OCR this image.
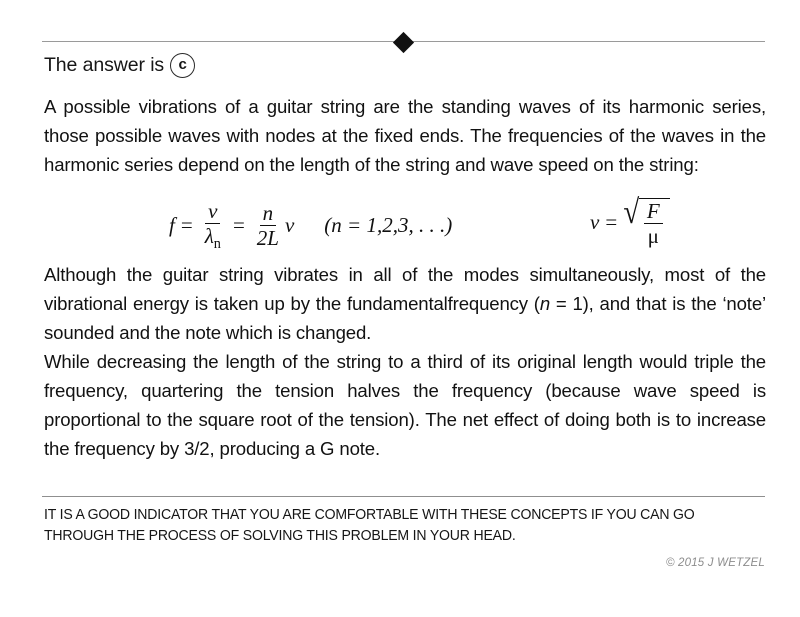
The answer is c
A possible vibrations of a guitar string are the standing waves of its harmonic series, those possible waves with nodes at the fixed ends. The frequencies of the waves in the harmonic series depend on the length of the string and wave speed on the string:
$f = \frac{v}{\lambda_n} = \frac{n}{2L}$ v (n = 1,2,3, . . .)	v = √ $\frac{F}{\mu}$
Although the guitar string vibrates in all of the modes simultaneously, most of the vibrational energy is taken up by the fundamentalfrequency (n = 1), and that is the ‘note’ sounded and the note which is changed.
While decreasing the length of the string to a third of its original length would triple the frequency, quartering the tension halves the frequency (because wave speed is proportional to the square root of the tension). The net effect of doing both is to increase the frequency by 3/2, producing a G note.
IT IS A GOOD INDICATOR THAT YOU ARE COMFORTABLE WITH THESE CONCEPTS IF YOU CAN GO THROUGH THE PROCESS OF SOLVING THIS PROBLEM IN YOUR HEAD.
© 2015 J WETZEL
